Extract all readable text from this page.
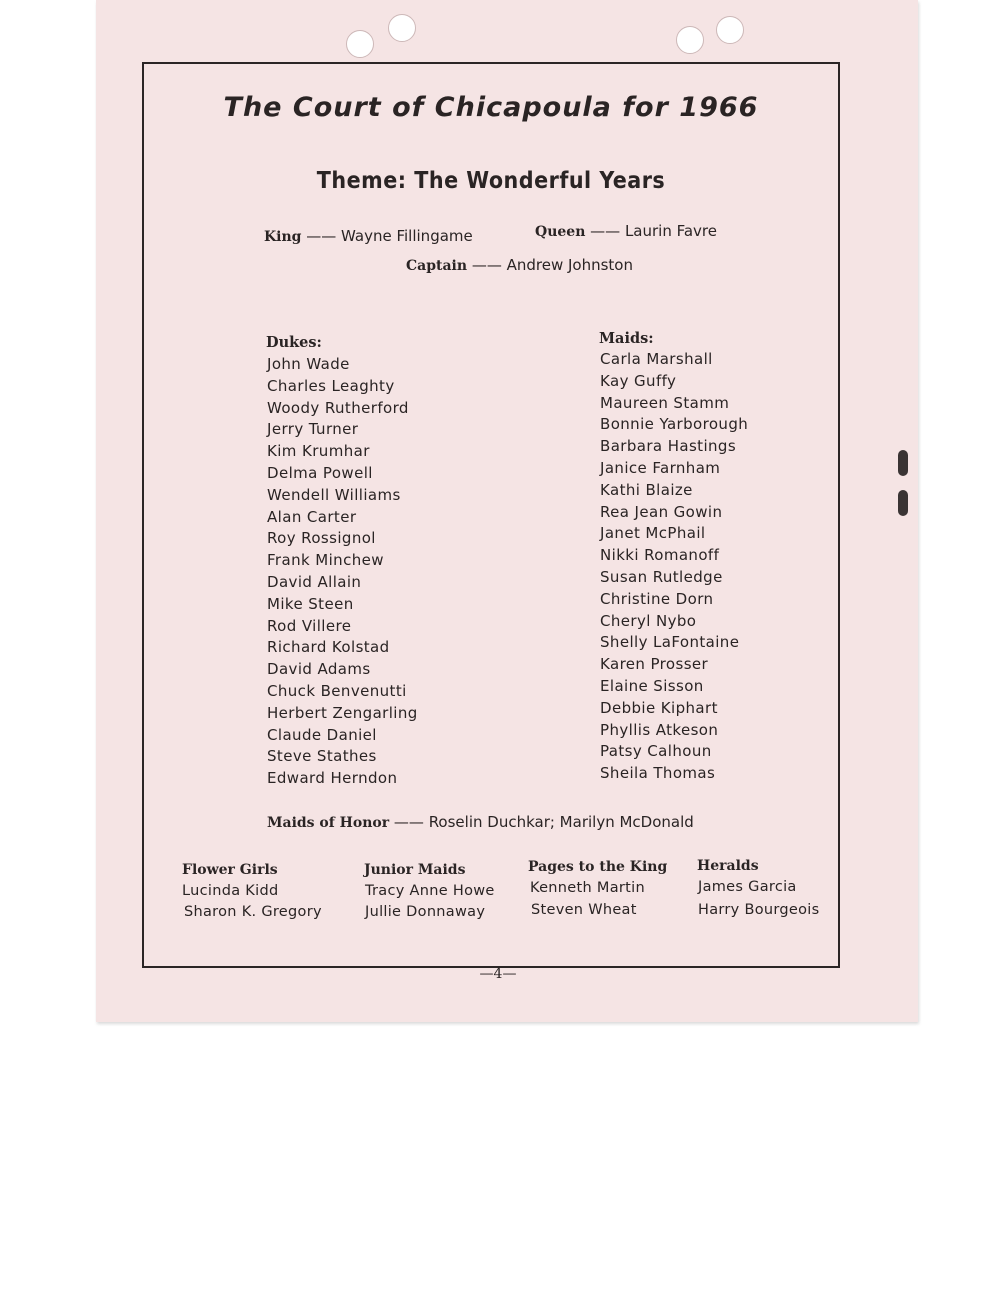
The Court of Chicapoula for 1966
Theme: The Wonderful Years
King —— Wayne Fillingame	Queen —— Laurin Favre
Captain —— Andrew Johnston
Dukes:
John Wade
Charles Leaghty
Woody Rutherford
Jerry Turner
Kim Krumhar
Delma Powell
Wendell Williams
Alan Carter
Roy Rossignol
Frank Minchew
David Allain
Mike Steen
Rod Villere
Richard Kolstad
David Adams
Chuck Benvenutti
Herbert Zengarling
Claude Daniel
Steve Stathes
Edward Herndon
Maids:
Carla Marshall
Kay Guffy
Maureen Stamm
Bonnie Yarborough
Barbara Hastings
Janice Farnham
Kathi Blaize
Rea Jean Gowin
Janet McPhail
Nikki Romanoff
Susan Rutledge
Christine Dorn
Cheryl Nybo
Shelly LaFontaine
Karen Prosser
Elaine Sisson
Debbie Kiphart
Phyllis Atkeson
Patsy Calhoun
Sheila Thomas
Maids of Honor —— Roselin Duchkar; Marilyn McDonald
Flower Girls
Lucinda Kidd
Sharon K. Gregory
Junior Maids
Tracy Anne Howe
Jullie Donnaway
Pages to the King
Kenneth Martin
Steven Wheat
Heralds
James Garcia
Harry Bourgeois
—4—
